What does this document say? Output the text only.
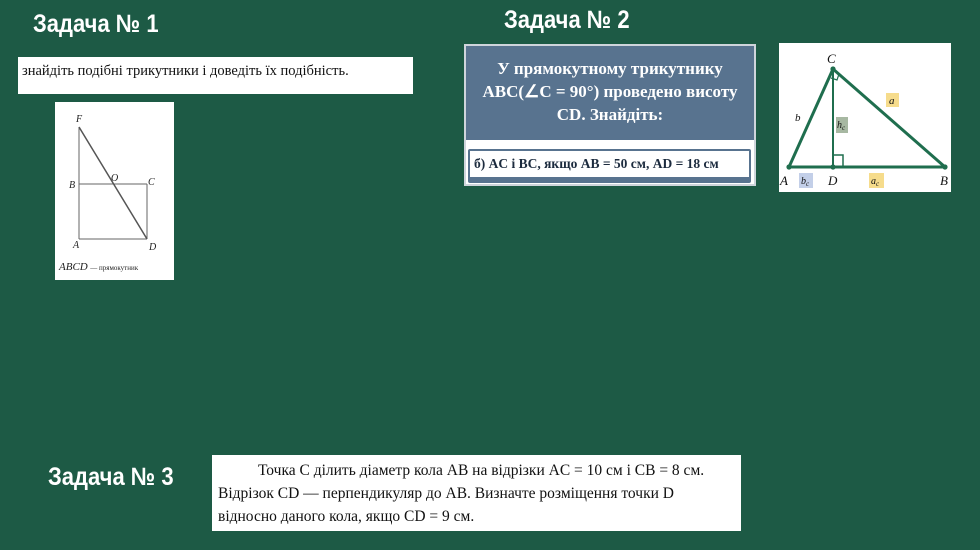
Задача № 1
знайдіть подібні трикутники і доведіть їх подібність.
F
B
O	C
A	D
ABCD — прямокутник
Задача № 2
У прямокутному трикутнику
ABC(∠C = 90°) проведено висоту
CD. Знайдіть:
б) AC і BC, якщо AB = 50 см, AD = 18 см
C
A	D	B
b
a
$h_c$
$b_c$	$a_c$
Задача № 3	Точка C ділить діаметр кола AB на відрізки AC = 10 см і CB = 8 см.

Відрізок CD — перпендикуляр до AB. Визначте розміщення точки D

відносно даного кола, якщо CD = 9 см.
